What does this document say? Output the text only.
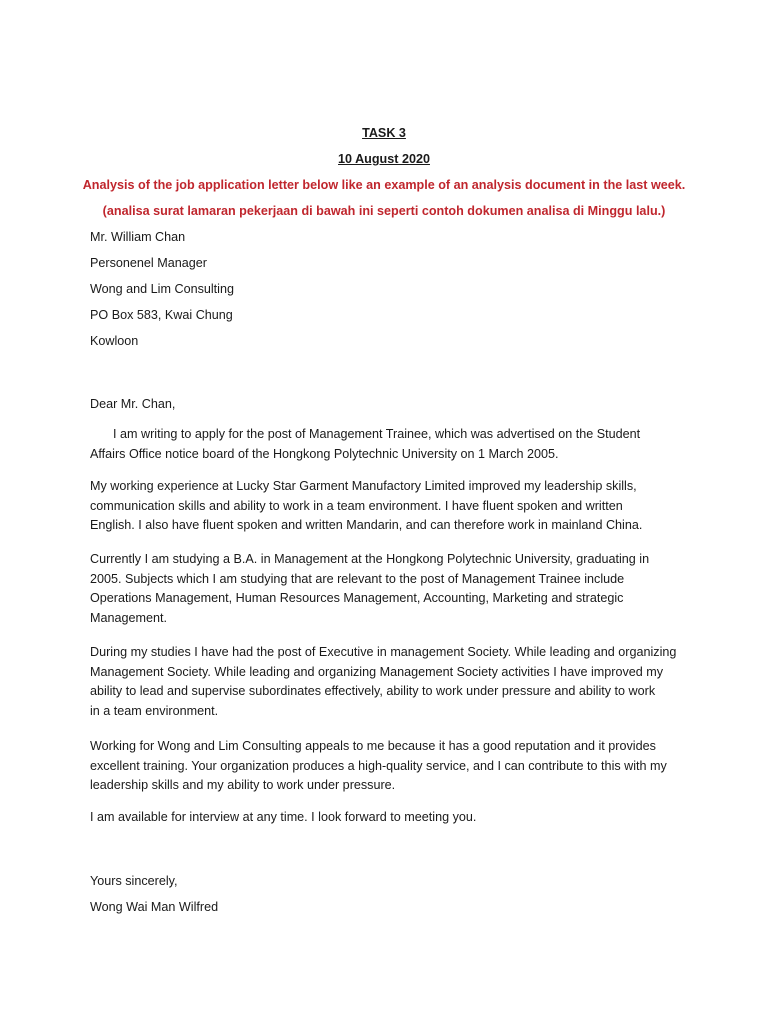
TASK 3
10 August 2020
Analysis of the job application letter below like an example of an analysis document in the last week.
(analisa surat lamaran pekerjaan di bawah ini seperti contoh dokumen analisa di Minggu lalu.)
Mr. William Chan
Personenel Manager
Wong and Lim Consulting
PO Box 583, Kwai Chung
Kowloon
Dear Mr. Chan,

I am writing to apply for the post of Management Trainee, which was advertised on the Student
Affairs Office notice board of the Hongkong Polytechnic University on 1 March 2005.

My working experience at Lucky Star Garment Manufactory Limited improved my leadership skills,
communication skills and ability to work in a team environment. I have fluent spoken and written
English. I also have fluent spoken and written Mandarin, and can therefore work in mainland China.

Currently I am studying a B.A. in Management at the Hongkong Polytechnic University, graduating in
2005. Subjects which I am studying that are relevant to the post of Management Trainee include
Operations Management, Human Resources Management, Accounting, Marketing and strategic
Management.

During my studies I have had the post of Executive in management Society. While leading and organizing
Management Society. While leading and organizing Management Society activities I have improved my
ability to lead and supervise subordinates effectively, ability to work under pressure and ability to work
in a team environment.

Working for Wong and Lim Consulting appeals to me because it has a good reputation and it provides
excellent training. Your organization produces a high-quality service, and I can contribute to this with my
leadership skills and my ability to work under pressure.

I am available for interview at any time. I look forward to meeting you.

Yours sincerely,
Wong Wai Man Wilfred
